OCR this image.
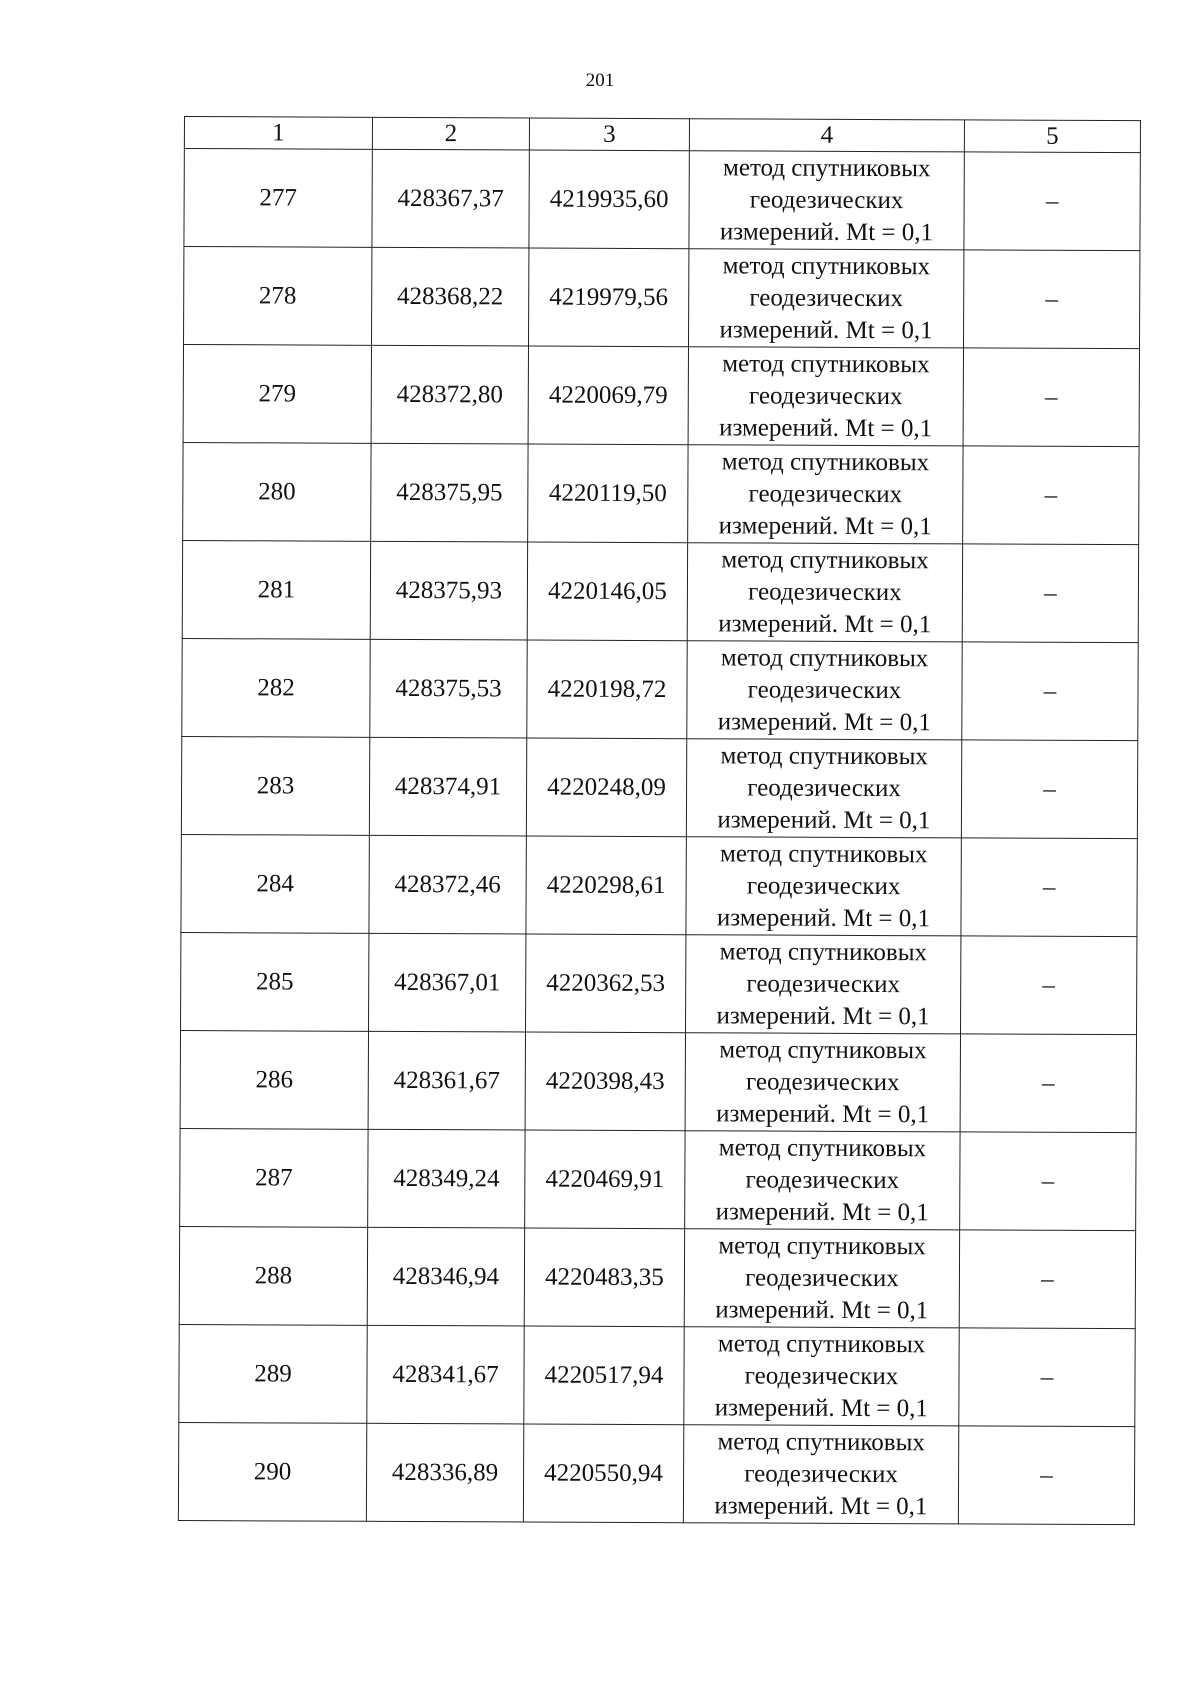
201
1	2	3	4	5
277	428367,37	4219935,60	метод спутниковых
геодезических
измерений. Mt = 0,1	–
278	428368,22	4219979,56	метод спутниковых
геодезических
измерений. Mt = 0,1	–
279	428372,80	4220069,79	метод спутниковых
геодезических
измерений. Mt = 0,1	–
280	428375,95	4220119,50	метод спутниковых
геодезических
измерений. Mt = 0,1	–
281	428375,93	4220146,05	метод спутниковых
геодезических
измерений. Mt = 0,1	–
282	428375,53	4220198,72	метод спутниковых
геодезических
измерений. Mt = 0,1	–
283	428374,91	4220248,09	метод спутниковых
геодезических
измерений. Mt = 0,1	–
284	428372,46	4220298,61	метод спутниковых
геодезических
измерений. Mt = 0,1	–
285	428367,01	4220362,53	метод спутниковых
геодезических
измерений. Mt = 0,1	–
286	428361,67	4220398,43	метод спутниковых
геодезических
измерений. Mt = 0,1	–
287	428349,24	4220469,91	метод спутниковых
геодезических
измерений. Mt = 0,1	–
288	428346,94	4220483,35	метод спутниковых
геодезических
измерений. Mt = 0,1	–
289	428341,67	4220517,94	метод спутниковых
геодезических
измерений. Mt = 0,1	–
290	428336,89	4220550,94	метод спутниковых
геодезических
измерений. Mt = 0,1	–
